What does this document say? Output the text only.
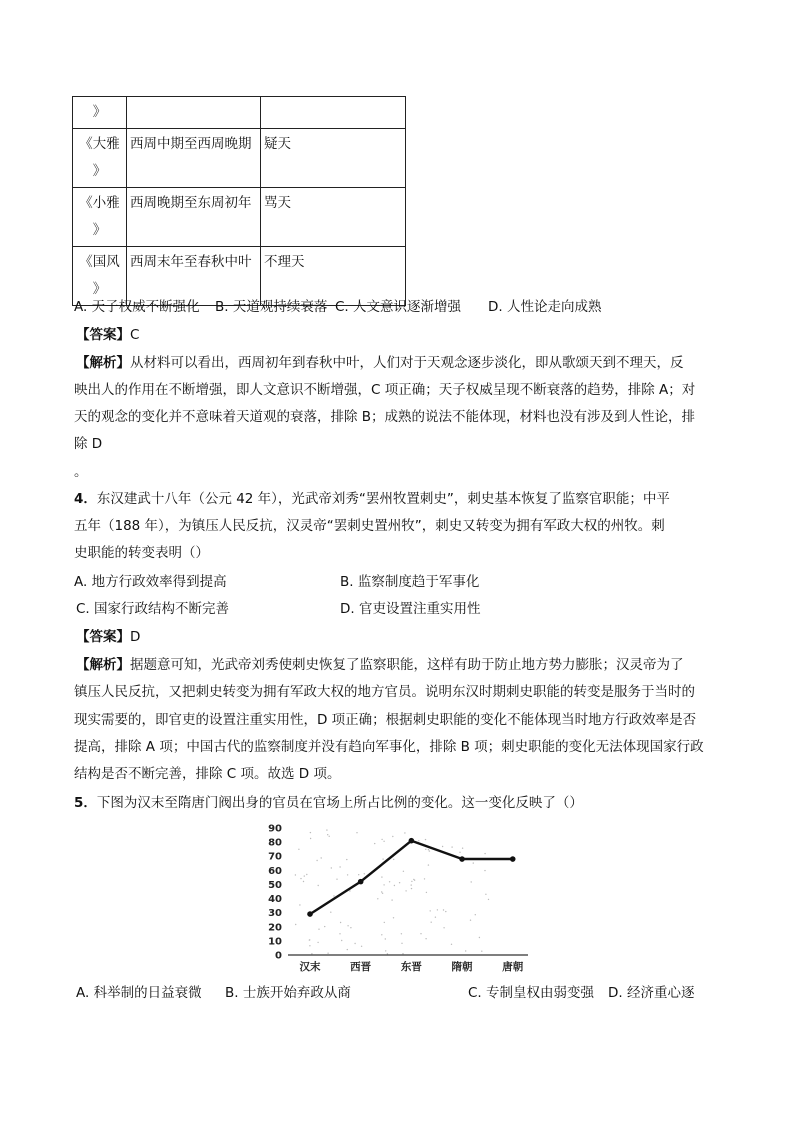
》		
《大雅
》	西周中期至西周晚期	疑天
《小雅
》	西周晚期至东周初年	骂天
《国风
》	西周末年至春秋中叶	不理天
A. 天子权威不断强化 B. 天道观持续衰落 C. 人文意识逐渐增强 D. 人性论走向成熟
【答案】C
【解析】从材料可以看出，西周初年到春秋中叶，人们对于天观念逐步淡化，即从歌颂天到不理天，反
映出人的作用在不断增强，即人文意识不断增强，C 项正确；天子权威呈现不断衰落的趋势，排除 A；对
天的观念的变化并不意味着天道观的衰落，排除 B；成熟的说法不能体现，材料也没有涉及到人性论，排
除 D
。
4．东汉建武十八年（公元 42 年），光武帝刘秀“罢州牧置刺史”，刺史基本恢复了监察官职能；中平
五年（188 年），为镇压人民反抗，汉灵帝“罢刺史置州牧”，刺史又转变为拥有军政大权的州牧。刺
史职能的转变表明（）
A. 地方行政效率得到提高	B. 监察制度趋于军事化
C. 国家行政结构不断完善	D. 官吏设置注重实用性
【答案】D
【解析】据题意可知，光武帝刘秀使刺史恢复了监察职能，这样有助于防止地方势力膨胀；汉灵帝为了
镇压人民反抗，又把刺史转变为拥有军政大权的地方官员。说明东汉时期刺史职能的转变是服务于当时的
现实需要的，即官吏的设置注重实用性，D 项正确；根据刺史职能的变化不能体现当时地方行政效率是否
提高，排除 A 项；中国古代的监察制度并没有趋向军事化，排除 B 项；刺史职能的变化无法体现国家行政
结构是否不断完善，排除 C 项。故选 D 项。
5．下图为汉末至隋唐门阀出身的官员在官场上所占比例的变化。这一变化反映了（）
0
10
20
30
40
50
60
70
80
90
汉末	西晋	东晋	隋朝	唐朝
A. 科举制的日益衰微 B. 士族开始弃政从商	C. 专制皇权由弱变强 D. 经济重心逐
